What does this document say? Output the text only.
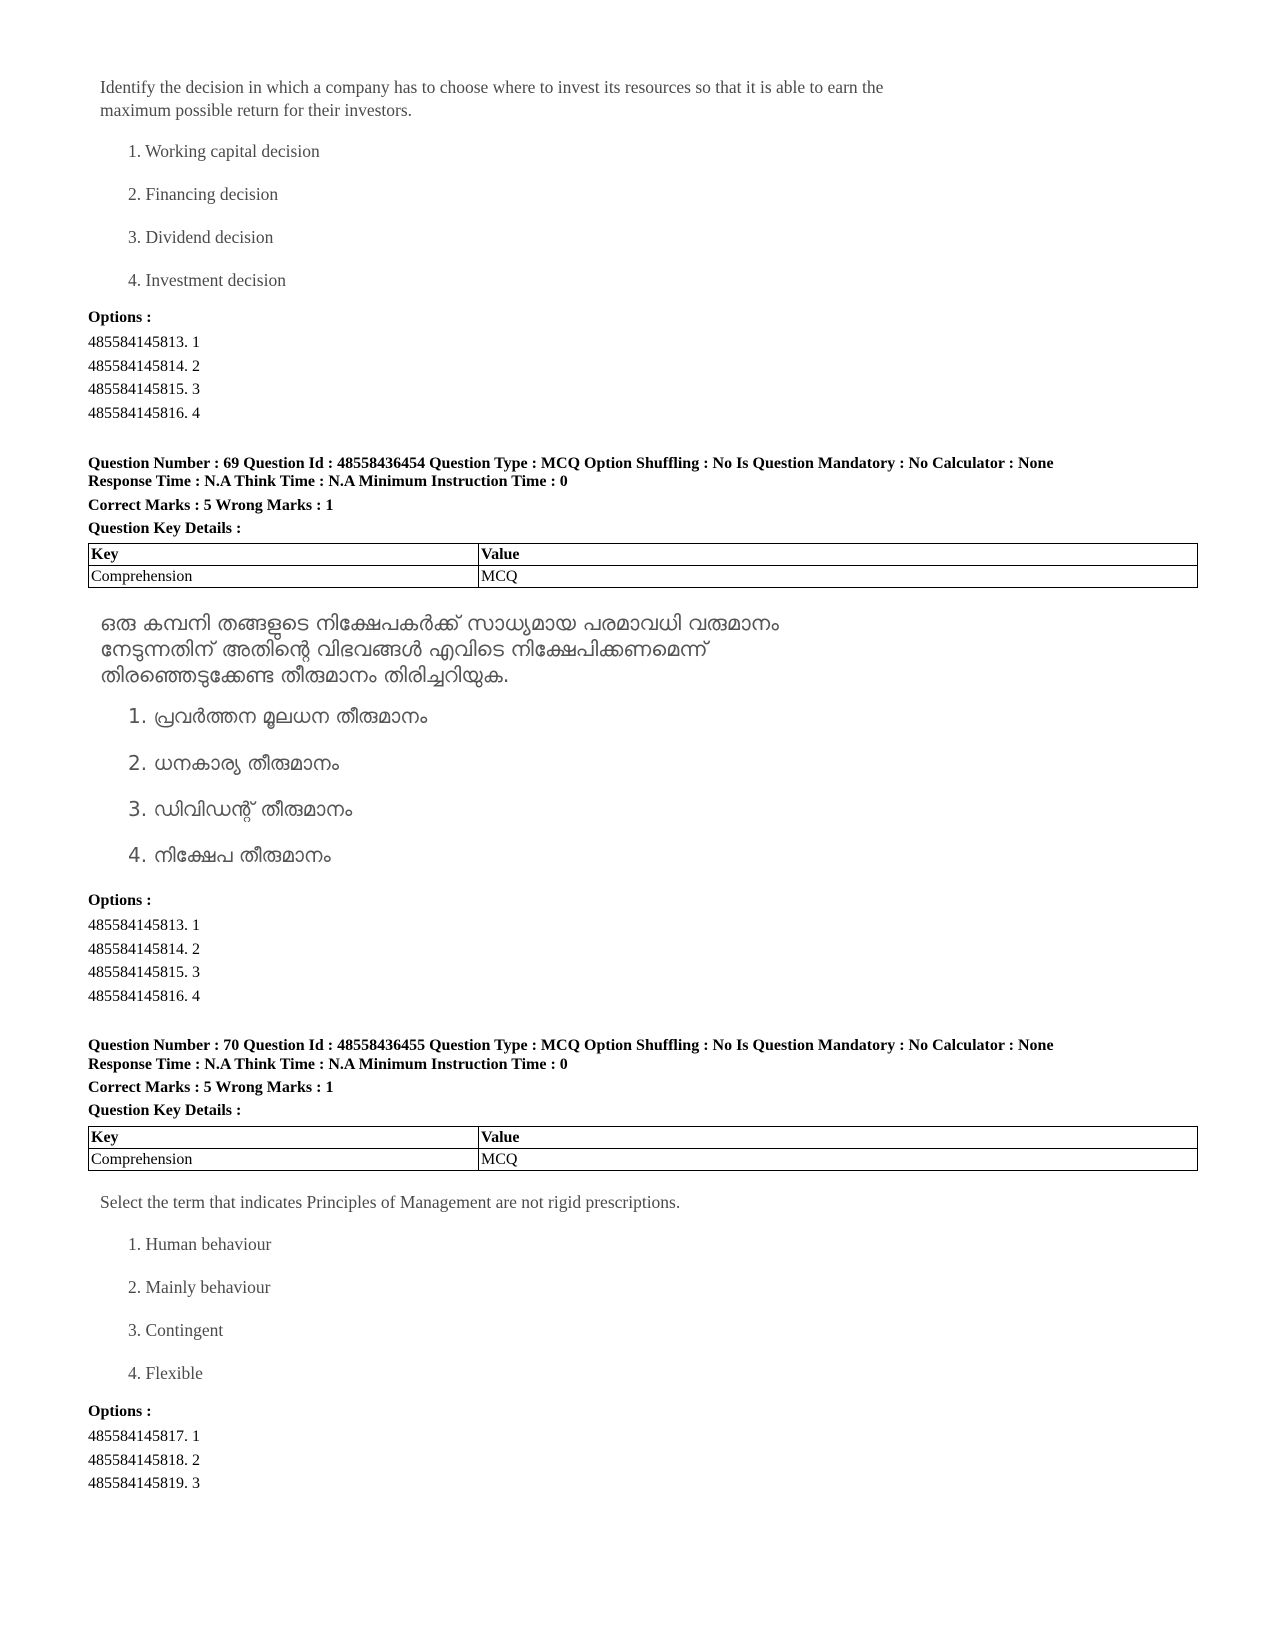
Identify the decision in which a company has to choose where to invest its resources so that it is able to earn the maximum possible return for their investors.
1. Working capital decision
2. Financing decision
3. Dividend decision
4. Investment decision
Options :
485584145813. 1
485584145814. 2
485584145815. 3
485584145816. 4
Question Number : 69 Question Id : 48558436454 Question Type : MCQ Option Shuffling : No Is Question Mandatory : No Calculator : None
Response Time : N.A Think Time : N.A Minimum Instruction Time : 0
Correct Marks : 5 Wrong Marks : 1
Question Key Details :
Key	Value
Comprehension	MCQ
ഒരു കമ്പനി തങ്ങളുടെ നിക്ഷേപകർക്ക് സാധ്യമായ പരമാവധി വരുമാനം നേടുന്നതിന് അതിന്റെ വിഭവങ്ങൾ എവിടെ നിക്ഷേപിക്കണമെന്ന് തിരഞ്ഞെടുക്കേണ്ട തീരുമാനം തിരിച്ചറിയുക.
1. പ്രവർത്തന മൂലധന തീരുമാനം
2. ധനകാര്യ തീരുമാനം
3. ഡിവിഡന്റ് തീരുമാനം
4. നിക്ഷേപ തീരുമാനം
Options :
485584145813. 1
485584145814. 2
485584145815. 3
485584145816. 4
Question Number : 70 Question Id : 48558436455 Question Type : MCQ Option Shuffling : No Is Question Mandatory : No Calculator : None
Response Time : N.A Think Time : N.A Minimum Instruction Time : 0
Correct Marks : 5 Wrong Marks : 1
Question Key Details :
Key	Value
Comprehension	MCQ
Select the term that indicates Principles of Management are not rigid prescriptions.
1. Human behaviour
2. Mainly behaviour
3. Contingent
4. Flexible
Options :
485584145817. 1
485584145818. 2
485584145819. 3
